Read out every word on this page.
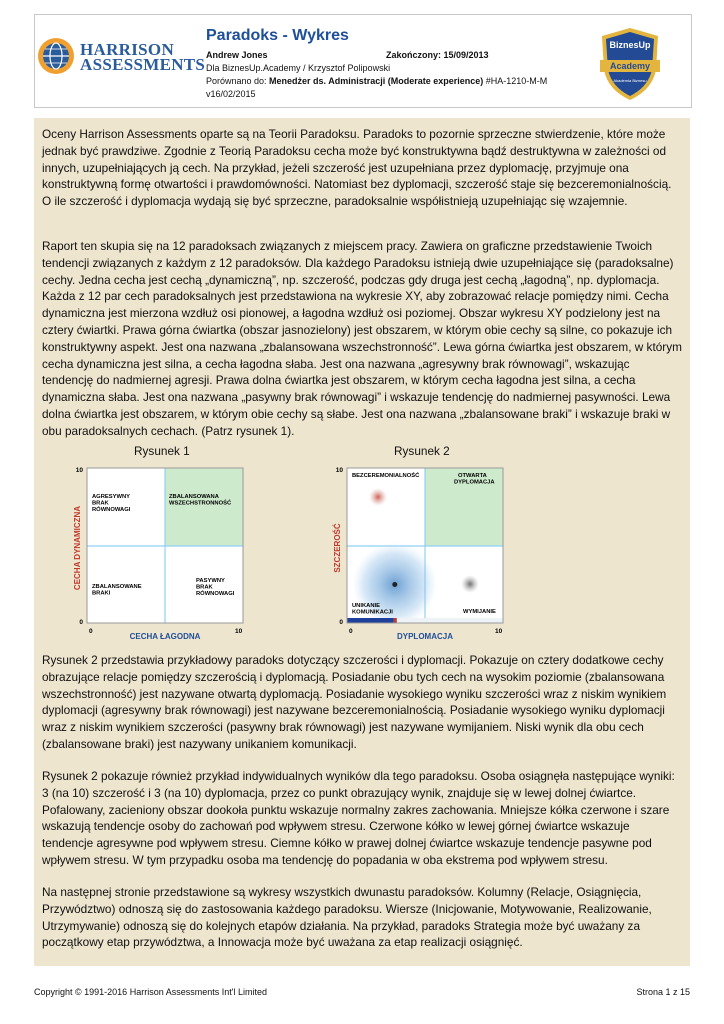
HARRISON
ASSESSMENTS
Paradoks - Wykres
Andrew Jones	Zakończony: 15/09/2013
Dla BiznesUp.Academy / Krzysztof Polipowski
Porównano do: Menedżer ds. Administracji (Moderate experience) #HA-1210-M-M
v16/02/2015
BiznesUp
Academy
Akademia Biznesu

Oceny Harrison Assessments oparte są na Teorii Paradoksu. Paradoks to pozornie sprzeczne stwierdzenie, które może jednak być prawdziwe. Zgodnie z Teorią Paradoksu cecha może być konstruktywna bądź destruktywna w zależności od innych, uzupełniających ją cech. Na przykład, jeżeli szczerość jest uzupełniana przez dyplomację, przyjmuje ona konstruktywną formę otwartości i prawdomówności. Natomiast bez dyplomacji, szczerość staje się bezceremonialnością. O ile szczerość i dyplomacja wydają się być sprzeczne, paradoksalnie współistnieją uzupełniając się wzajemnie.

Raport ten skupia się na 12 paradoksach związanych z miejscem pracy. Zawiera on graficzne przedstawienie Twoich tendencji związanych z każdym z 12 paradoksów. Dla każdego Paradoksu istnieją dwie uzupełniające się (paradoksalne) cechy. Jedna cecha jest cechą „dynamiczną”, np. szczerość, podczas gdy druga jest cechą „łagodną”, np. dyplomacja. Każda z 12 par cech paradoksalnych jest przedstawiona na wykresie XY, aby zobrazować relacje pomiędzy nimi. Cecha dynamiczna jest mierzona wzdłuż osi pionowej, a łagodna wzdłuż osi poziomej. Obszar wykresu XY podzielony jest na cztery ćwiartki. Prawa górna ćwiartka (obszar jasnozielony) jest obszarem, w którym obie cechy są silne, co pokazuje ich konstruktywny aspekt. Jest ona nazwana „zbalansowana wszechstronność”. Lewa górna ćwiartka jest obszarem, w którym cecha dynamiczna jest silna, a cecha łagodna słaba. Jest ona nazwana „agresywny brak równowagi”, wskazując tendencję do nadmiernej agresji. Prawa dolna ćwiartka jest obszarem, w którym cecha łagodna jest silna, a cecha dynamiczna słaba. Jest ona nazwana „pasywny brak równowagi” i wskazuje tendencję do nadmiernej pasywności. Lewa dolna ćwiartka jest obszarem, w którym obie cechy są słabe. Jest ona nazwana „zbalansowane braki” i wskazuje braki w obu paradoksalnych cechach. (Patrz rysunek 1).

Rysunek 1	Rysunek 2
10
0
0	10
CECHA ŁAGODNA
CECHA DYNAMICZNA
AGRESYWNY BRAK RÓWNOWAGI
ZBALANSOWANA WSZECHSTRONNOŚĆ
ZBALANSOWANE BRAKI
PASYWNY BRAK RÓWNOWAGI
10
0
0	10
DYPLOMACJA
SZCZEROŚĆ
BEZCEREMONIALNOŚĆ	OTWARTA DYPLOMACJA
UNIKANIE KOMUNIKACJI	WYMIJANIE

Rysunek 2 przedstawia przykładowy paradoks dotyczący szczerości i dyplomacji. Pokazuje on cztery dodatkowe cechy obrazujące relacje pomiędzy szczerością i dyplomacją. Posiadanie obu tych cech na wysokim poziomie (zbalansowana wszechstronność) jest nazywane otwartą dyplomacją. Posiadanie wysokiego wyniku szczerości wraz z niskim wynikiem dyplomacji (agresywny brak równowagi) jest nazywane bezceremonialnością. Posiadanie wysokiego wyniku dyplomacji wraz z niskim wynikiem szczerości (pasywny brak równowagi) jest nazywane wymijaniem. Niski wynik dla obu cech (zbalansowane braki) jest nazywany unikaniem komunikacji.

Rysunek 2 pokazuje również przykład indywidualnych wyników dla tego paradoksu. Osoba osiągnęła następujące wyniki: 3 (na 10) szczerość i 3 (na 10) dyplomacja, przez co punkt obrazujący wynik, znajduje się w lewej dolnej ćwiartce. Pofalowany, zacieniony obszar dookoła punktu wskazuje normalny zakres zachowania. Mniejsze kółka czerwone i szare wskazują tendencje osoby do zachowań pod wpływem stresu. Czerwone kółko w lewej górnej ćwiartce wskazuje tendencje agresywne pod wpływem stresu. Ciemne kółko w prawej dolnej ćwiartce wskazuje tendencje pasywne pod wpływem stresu. W tym przypadku osoba ma tendencję do popadania w oba ekstrema pod wpływem stresu.

Na następnej stronie przedstawione są wykresy wszystkich dwunastu paradoksów. Kolumny (Relacje, Osiągnięcia, Przywództwo) odnoszą się do zastosowania każdego paradoksu. Wiersze (Inicjowanie, Motywowanie, Realizowanie, Utrzymywanie) odnoszą się do kolejnych etapów działania. Na przykład, paradoks Strategia może być uważany za początkowy etap przywództwa, a Innowacja może być uważana za etap realizacji osiągnięć.

Copyright © 1991-2016 Harrison Assessments Int'l Limited	Strona 1 z 15
